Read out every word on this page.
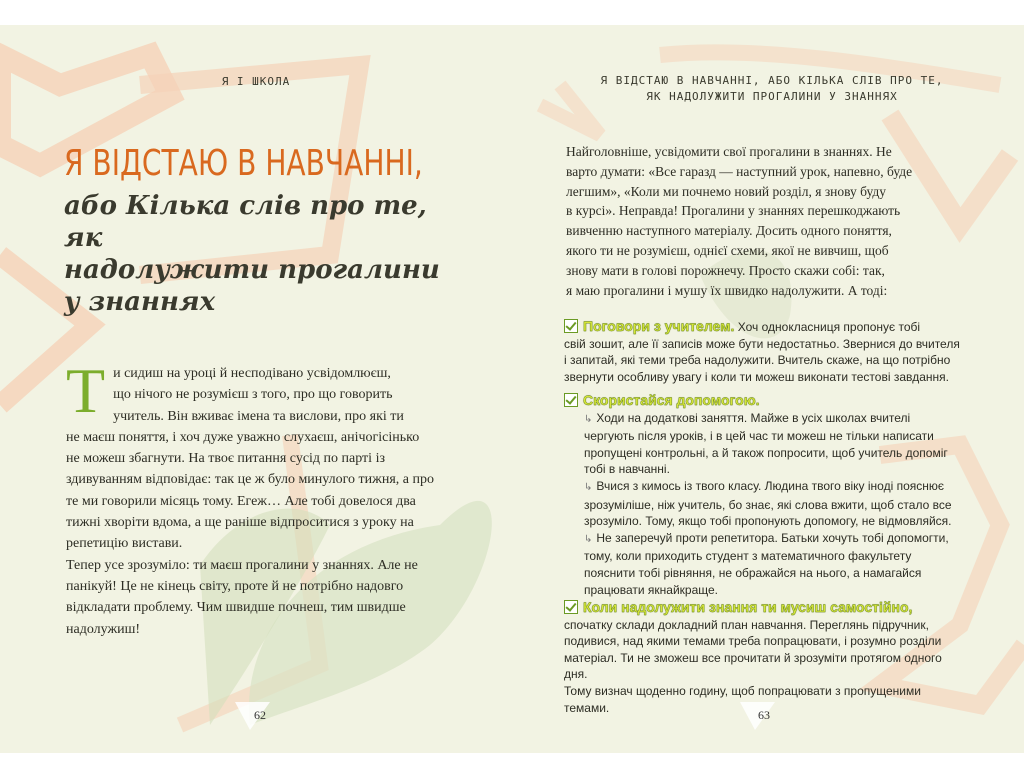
Я І ШКОЛА
Я ВІДСТАЮ В НАВЧАННІ,
або Кілька слів про те, як
надолужити прогалини
у знаннях
Т и сидиш на уроці й несподівано усвідомлюєш,

що нічого не розумієш з того, про що говорить

учитель. Він вживає імена та вислови, про які ти

не маєш поняття, і хоч дуже уважно слухаєш, анічогісінько

не можеш збагнути. На твоє питання сусід по парті із

здивуванням відповідає: так це ж було минулого тижня, а про

те ми говорили місяць тому. Егеж… Але тобі довелося два

тижні хворіти вдома, а ще раніше відпроситися з уроку на

репетицію вистави.

Тепер усе зрозуміло: ти маєш прогалини у знаннях. Але не

панікуй! Це не кінець світу, проте й не потрібно надовго

відкладати проблему. Чим швидше почнеш, тим швидше

надолужиш!

62
Я ВІДСТАЮ В НАВЧАННІ, АБО КІЛЬКА СЛІВ ПРО ТЕ,
ЯК НАДОЛУЖИТИ ПРОГАЛИНИ У ЗНАННЯХ

Найголовніше, усвідомити свої прогалини в знаннях. Не

варто думати: «Все гаразд — наступний урок, напевно, буде

легшим», «Коли ми почнемо новий розділ, я знову буду

в курсі». Неправда! Прогалини у знаннях перешкоджають

вивченню наступного матеріалу. Досить одного поняття,

якого ти не розумієш, однієї схеми, якої не вивчиш, щоб

знову мати в голові порожнечу. Просто скажи собі: так,

я маю прогалини і мушу їх швидко надолужити. А тоді:

Поговори з учителем. Хоч однокласниця пропонує тобі
свій зошит, але її записів може бути недостатньо. Звернися до вчителя
і запитай, які теми треба надолужити. Вчитель скаже, на що потрібно
звернути особливу увагу і коли ти можеш виконати тестові завдання.
Скористайся допомогою.
↳ Ходи на додаткові заняття. Майже в усіх школах вчителі
чергують після уроків, і в цей час ти можеш не тільки написати
пропущені контрольні, а й також попросити, щоб учитель допоміг
тобі в навчанні.
↳ Вчися з кимось із твого класу. Людина твого віку іноді пояснює
зрозуміліше, ніж учитель, бо знає, які слова вжити, щоб стало все
зрозуміло. Тому, якщо тобі пропонують допомогу, не відмовляйся.
↳ Не заперечуй проти репетитора. Батьки хочуть тобі допомогти,
тому, коли приходить студент з математичного факультету
пояснити тобі рівняння, не ображайся на нього, а намагайся
працювати якнайкраще.
Коли надолужити знання ти мусиш самостійно,
спочатку склади докладний план навчання. Переглянь підручник,
подивися, над якими темами треба попрацювати, і розумно розділи
матеріал. Ти не зможеш все прочитати й зрозуміти протягом одного дня.
Тому визнач щоденно годину, щоб попрацювати з пропущеними темами.
63
